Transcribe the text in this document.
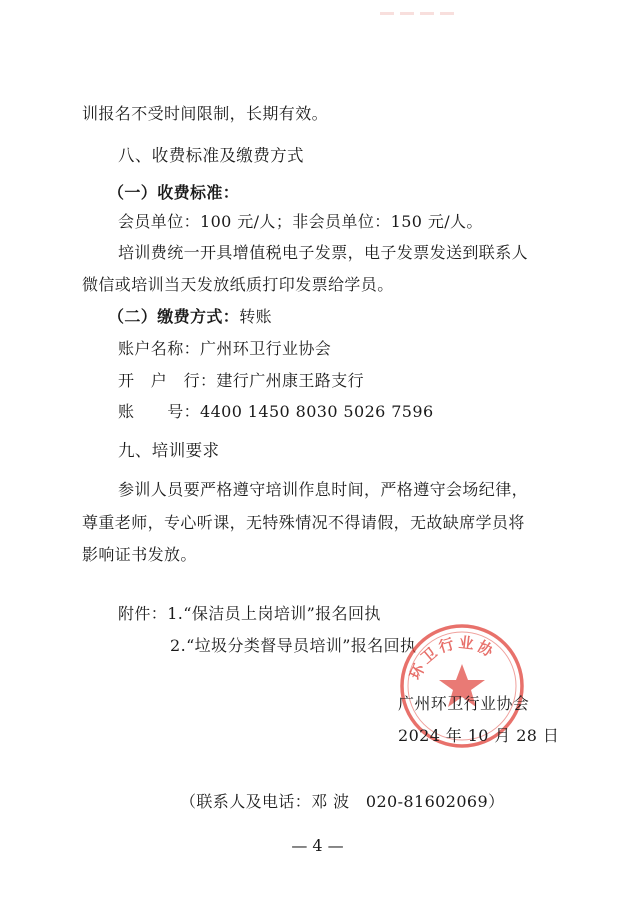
训报名不受时间限制，长期有效。
八、收费标准及缴费方式
（一）收费标准：
会员单位：100 元/人；非会员单位：150 元/人。
培训费统一开具增值税电子发票，电子发票发送到联系人
微信或培训当天发放纸质打印发票给学员。
（二）缴费方式：转账
账户名称：广州环卫行业协会
开　户　行：建行广州康王路支行
账　　号：4400 1450 8030 5026 7596
九、培训要求
参训人员要严格遵守培训作息时间，严格遵守会场纪律，
尊重老师，专心听课，无特殊情况不得请假，无故缺席学员将
影响证书发放。
附件：1.“保洁员上岗培训”报名回执
2.“垃圾分类督导员培训”报名回执
环卫行业协
广州环卫行业协会
2024 年 10 月 28 日
（联系人及电话：邓 波　020-81602069）
— 4 —
